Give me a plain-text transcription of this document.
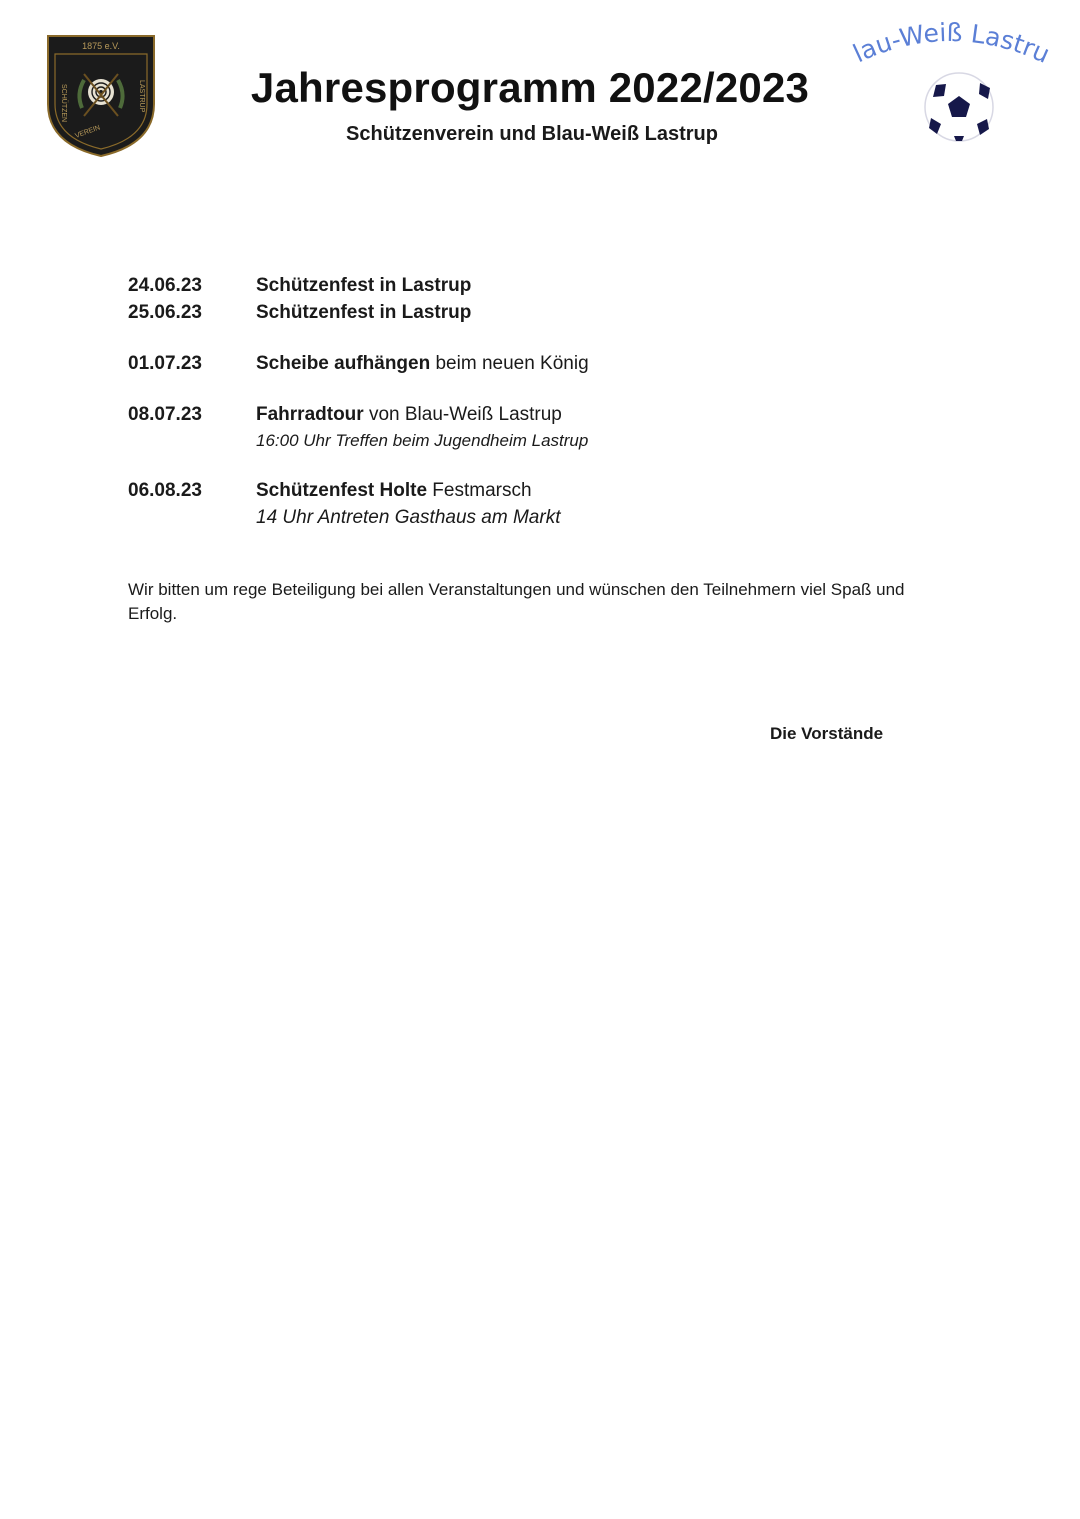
1875 e.V.
SCHÜTZEN
VEREIN
LASTRUP	Jahresprogramm 2022/2023
Schützenverein und Blau-Weiß Lastrup
lau-Weiß Lastru
24.06.23	Schützenfest in Lastrup
25.06.23	Schützenfest in Lastrup
01.07.23	Scheibe aufhängen beim neuen König
08.07.23	Fahrradtour von Blau-Weiß Lastrup
16:00 Uhr Treffen beim Jugendheim Lastrup
06.08.23	Schützenfest Holte Festmarsch
14 Uhr Antreten Gasthaus am Markt
Wir bitten um rege Beteiligung bei allen Veranstaltungen und wünschen den Teilnehmern viel Spaß und Erfolg.
Die Vorstände
